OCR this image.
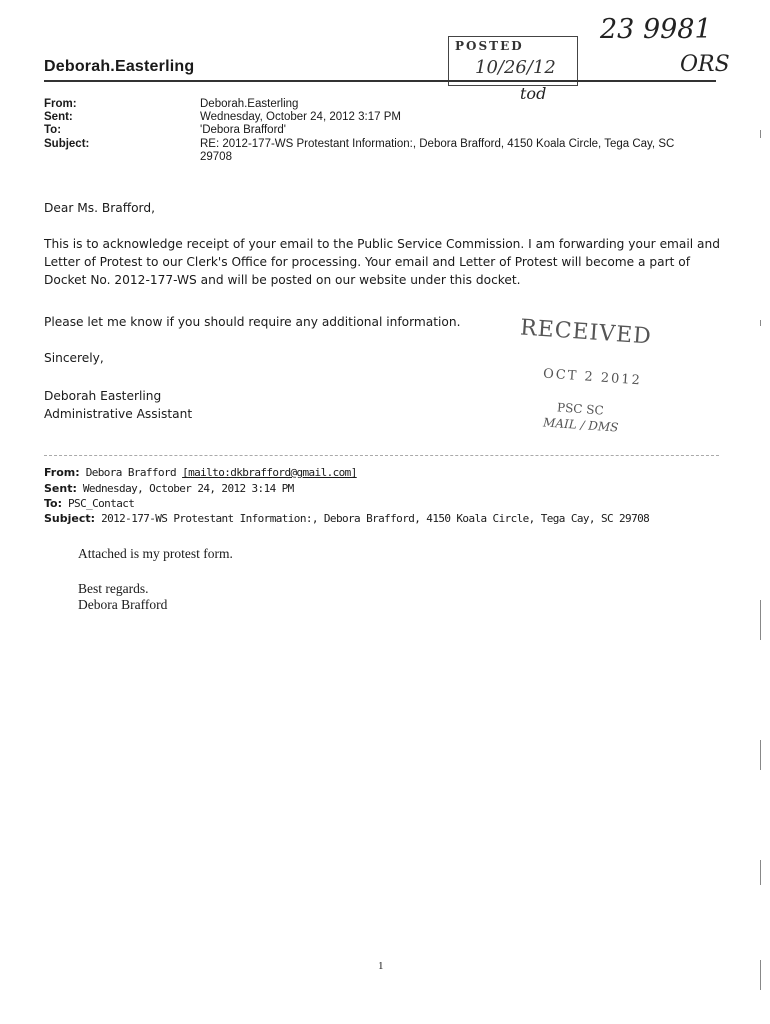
23 9981
ORS
tod
POSTED
10/26/12
Deborah.Easterling
From:	Deborah.Easterling
Sent:	Wednesday, October 24, 2012 3:17 PM
To:	'Debora Brafford'
Subject:	RE: 2012-177-WS Protestant Information:, Debora Brafford, 4150 Koala Circle, Tega Cay, SC
29708
Dear Ms. Brafford,

This is to acknowledge receipt of your email to the Public Service Commission. I am forwarding your email and

Letter of Protest to our Clerk's Office for processing. Your email and Letter of Protest will become a part of

Docket No. 2012-177-WS and will be posted on our website under this docket.

Please let me know if you should require any additional information.
Sincerely,
Deborah Easterling
Administrative Assistant
RECEIVED
OCT 2 2012
PSC SC
MAIL / DMS
From: Debora Brafford [mailto:dkbrafford@gmail.com]
Sent: Wednesday, October 24, 2012 3:14 PM
To: PSC_Contact
Subject: 2012-177-WS Protestant Information:, Debora Brafford, 4150 Koala Circle, Tega Cay, SC 29708
Attached is my protest form.
Best regards.
Debora Brafford
1
